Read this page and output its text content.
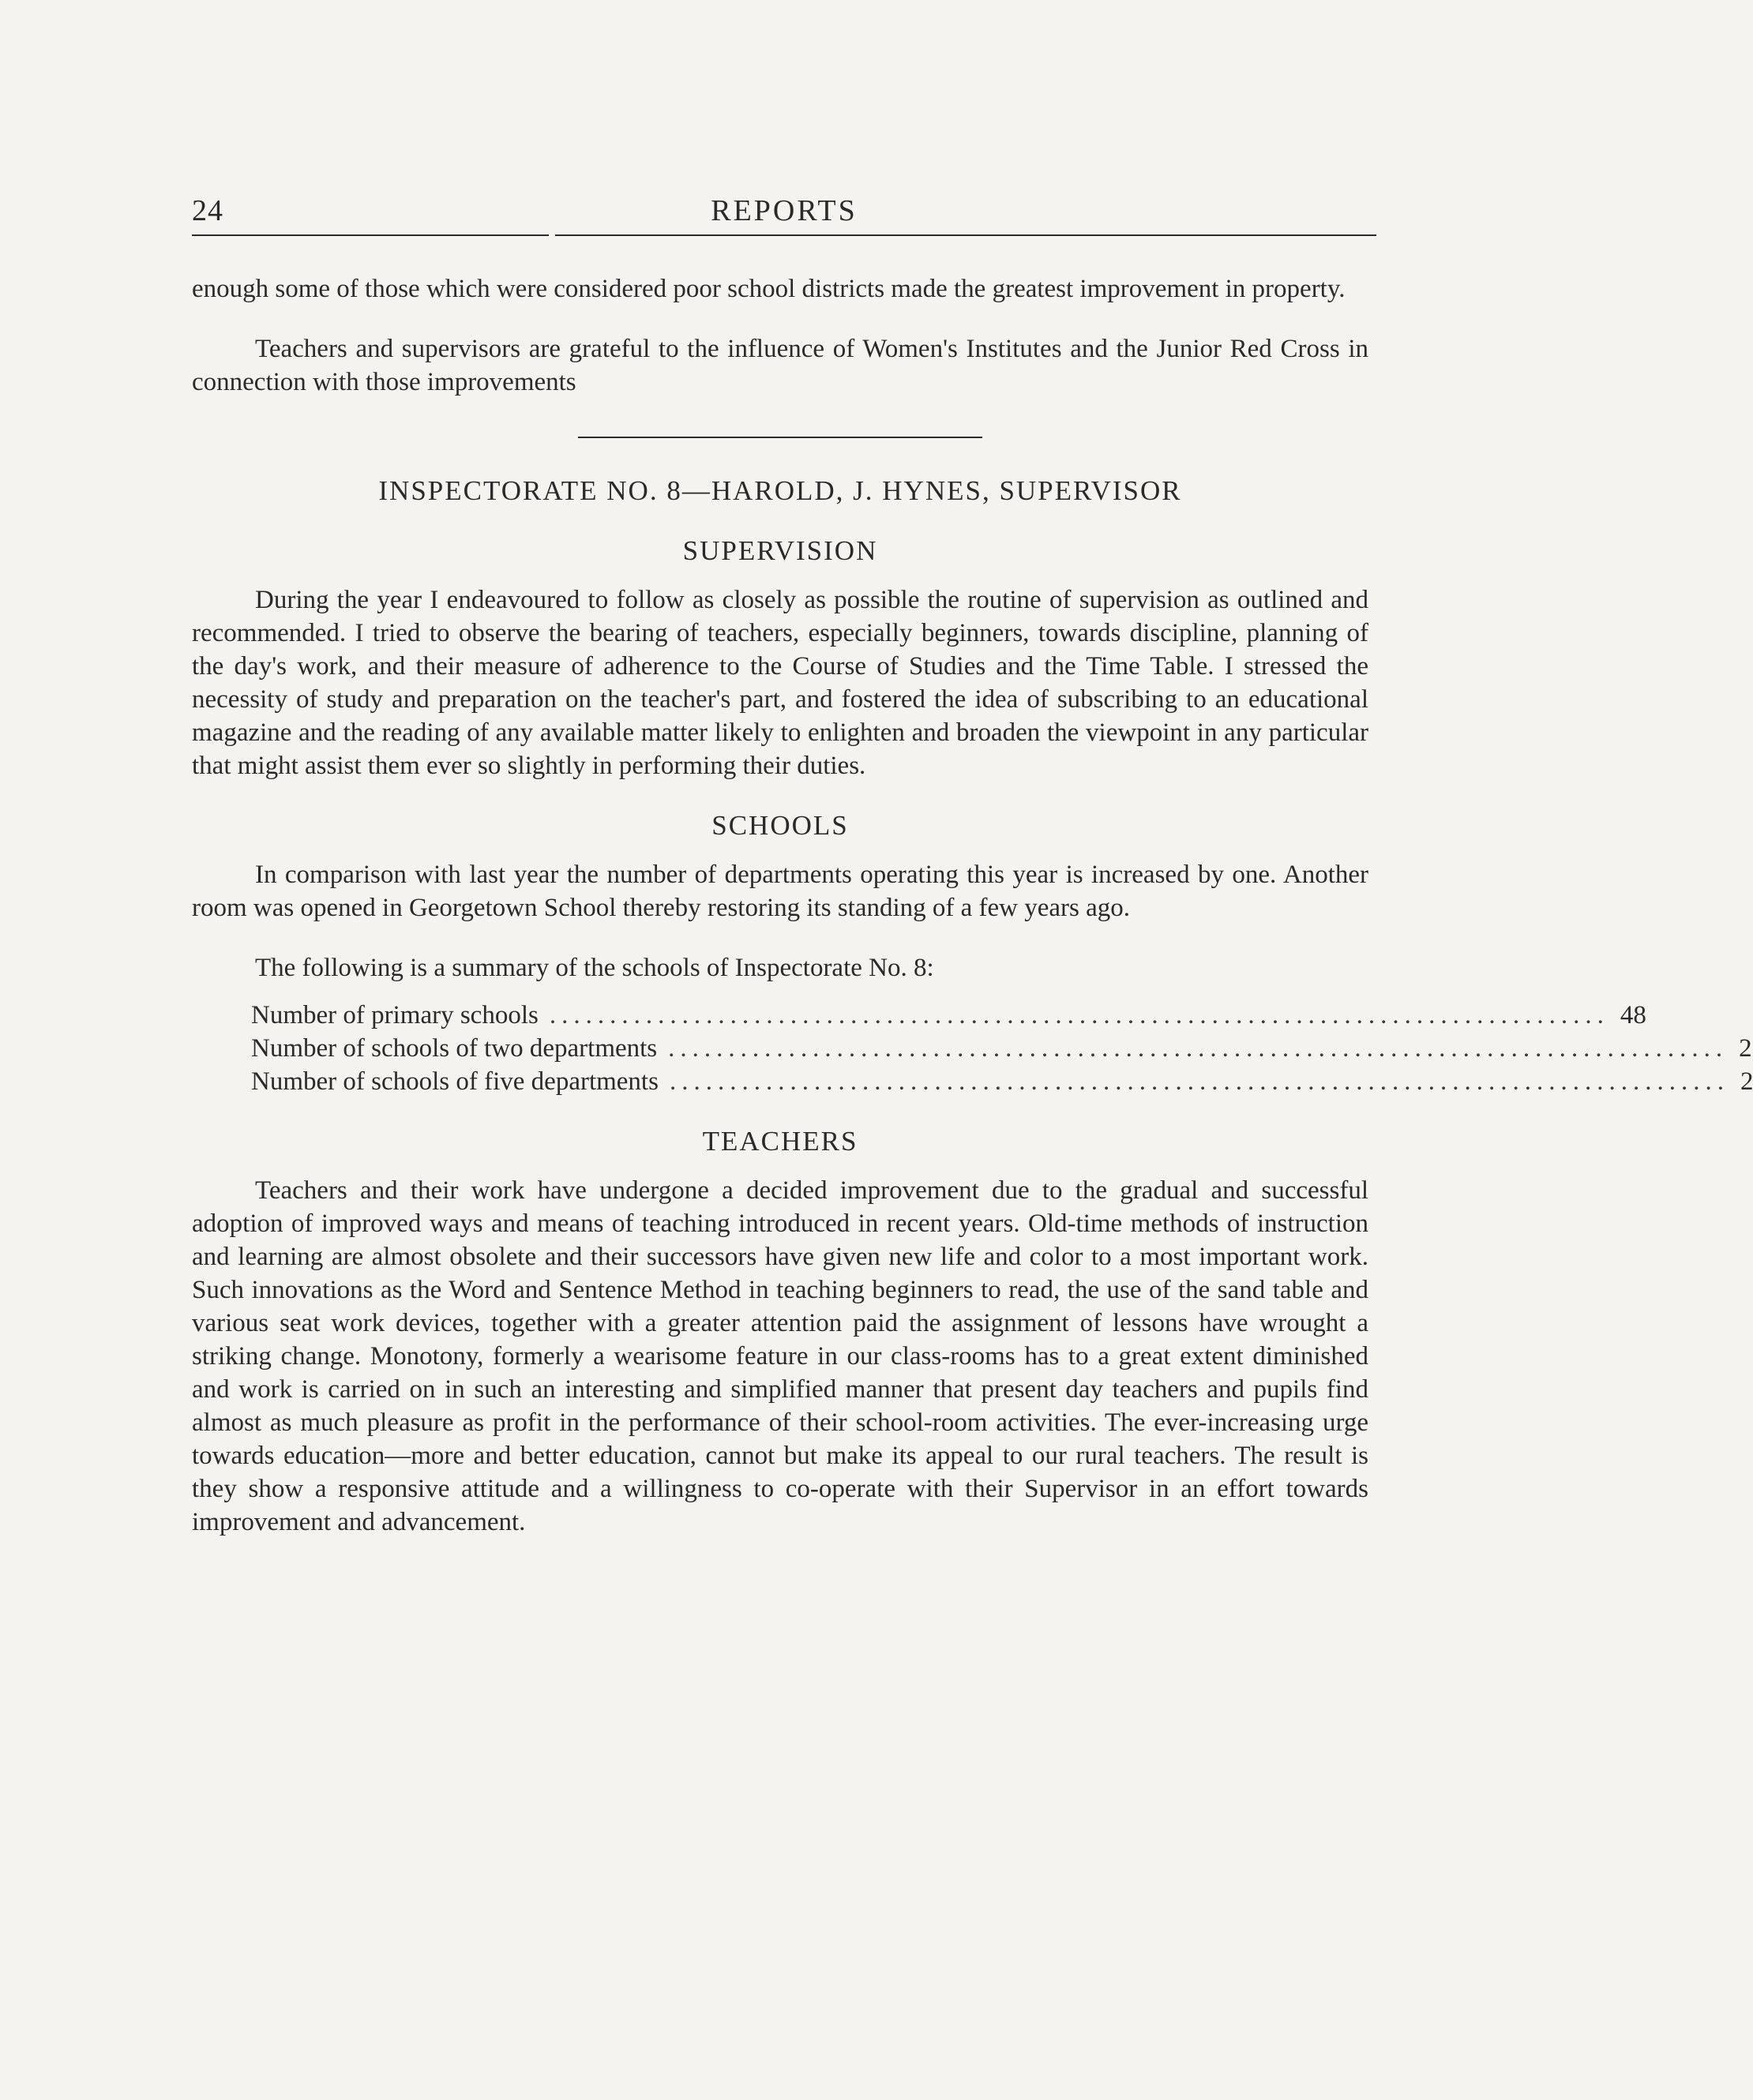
REPORTS
24

enough some of those which were considered poor school districts made the greatest improvement in property.

Teachers and supervisors are grateful to the influence of Women's Institutes and the Junior Red Cross in connection with those improvements

INSPECTORATE NO. 8—HAROLD, J. HYNES, SUPERVISOR
SUPERVISION

During the year I endeavoured to follow as closely as possible the routine of supervision as outlined and recommended. I tried to observe the bearing of teachers, especially beginners, towards discipline, planning of the day's work, and their measure of adherence to the Course of Studies and the Time Table. I stressed the necessity of study and preparation on the teacher's part, and fostered the idea of subscribing to an educational magazine and the reading of any available matter likely to enlighten and broaden the viewpoint in any particular that might assist them ever so slightly in performing their duties.

SCHOOLS

In comparison with last year the number of departments operating this year is increased by one. Another room was opened in Georgetown School thereby restoring its standing of a few years ago.

The following is a summary of the schools of Inspectorate No. 8:

Number of primary schools ........................................................................................ 48
Number of schools of two departments ........................................................................................ 2
Number of schools of five departments ........................................................................................ 2
TEACHERS

Teachers and their work have undergone a decided improvement due to the gradual and successful adoption of improved ways and means of teaching introduced in recent years. Old-time methods of instruction and learning are almost obsolete and their successors have given new life and color to a most important work. Such innovations as the Word and Sentence Method in teaching beginners to read, the use of the sand table and various seat work devices, together with a greater attention paid the assignment of lessons have wrought a striking change. Monotony, formerly a wearisome feature in our class-rooms has to a great extent diminished and work is carried on in such an interesting and simplified manner that present day teachers and pupils find almost as much pleasure as profit in the performance of their school-room activities. The ever-increasing urge towards education—more and better education, cannot but make its appeal to our rural teachers. The result is they show a responsive attitude and a willingness to co-operate with their Supervisor in an effort towards improvement and advancement.
